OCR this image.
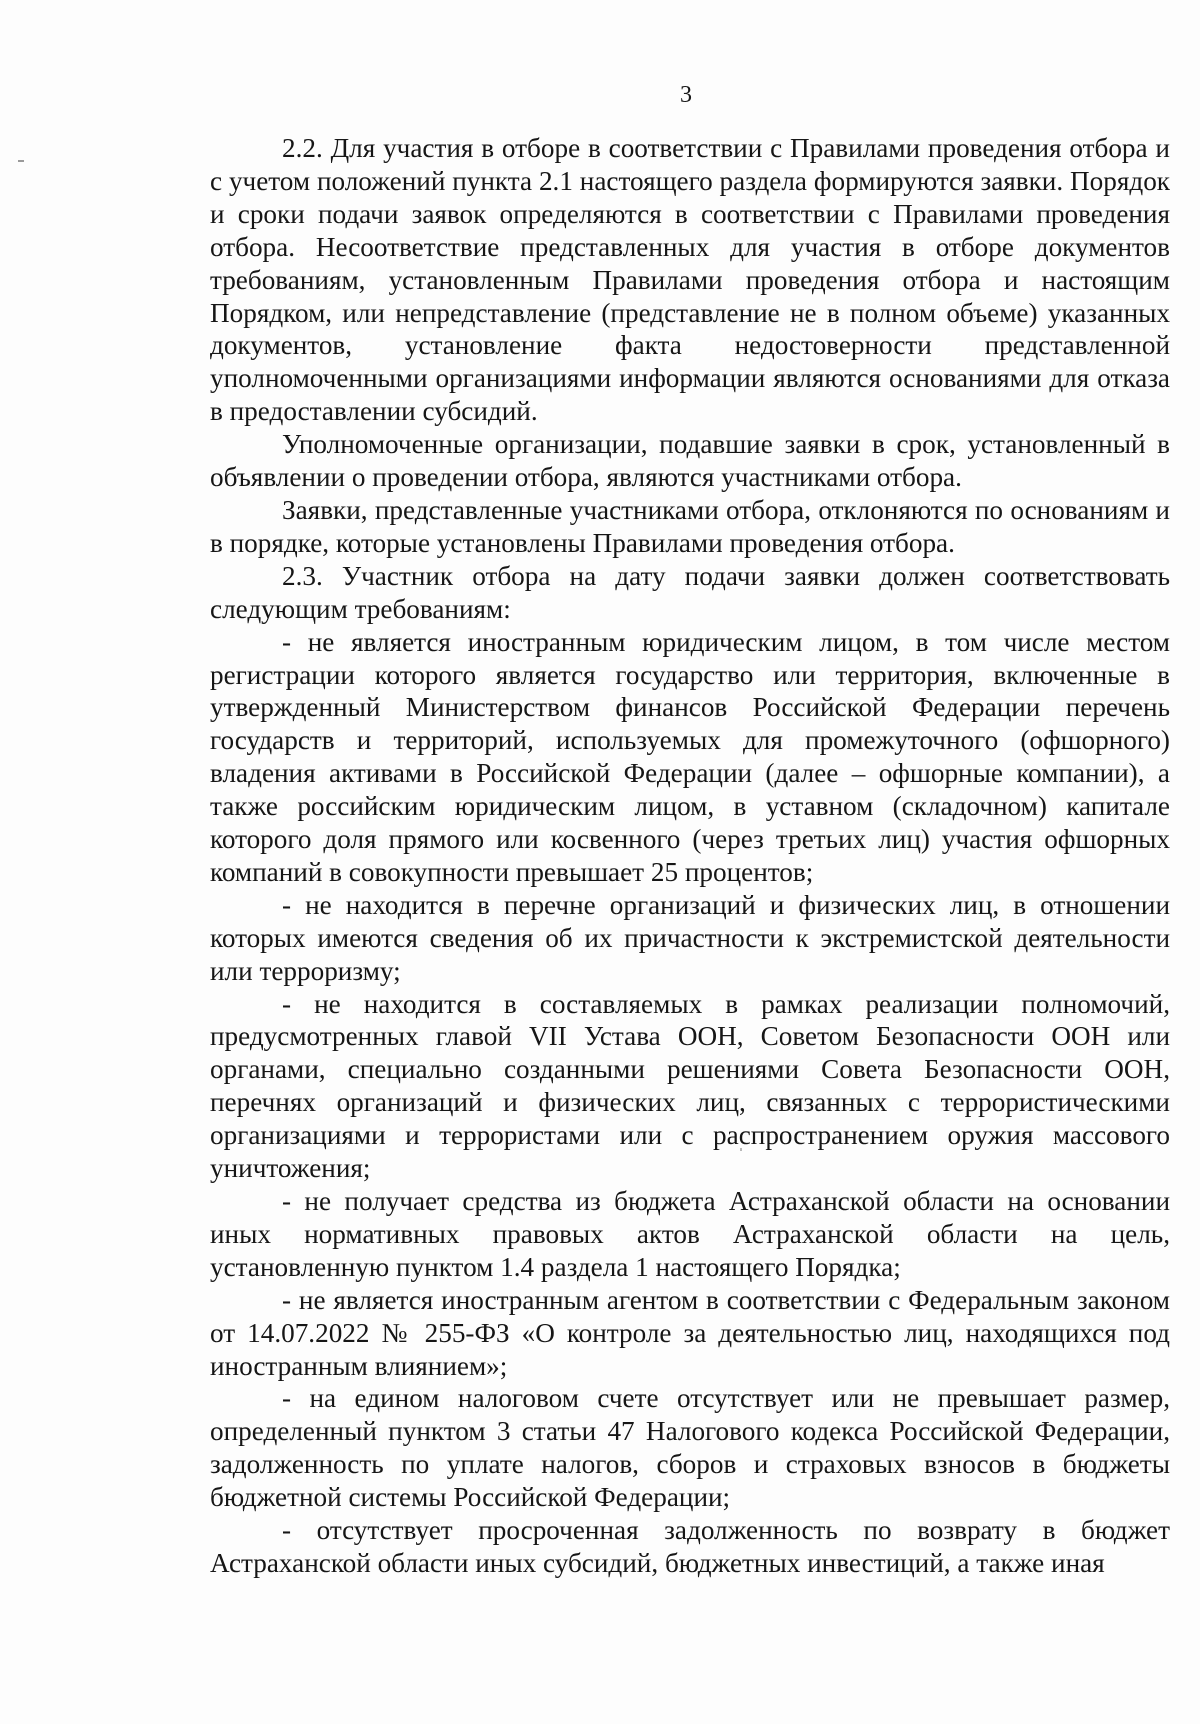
3

2.2. Для участия в отборе в соответствии с Правилами проведения отбора и с учетом положений пункта 2.1 настоящего раздела формируются заявки. Порядок и сроки подачи заявок определяются в соответствии с Правилами проведения отбора. Несоответствие представленных для участия в отборе документов требованиям, установленным Правилами проведения отбора и настоящим Порядком, или непредставление (представление не в полном объеме) указанных документов, установление факта недостоверности представленной уполномоченными организациями информации являются основаниями для отказа в предоставлении субсидий.

Уполномоченные организации, подавшие заявки в срок, установленный в объявлении о проведении отбора, являются участниками отбора.

Заявки, представленные участниками отбора, отклоняются по основаниям и в порядке, которые установлены Правилами проведения отбора.

2.3. Участник отбора на дату подачи заявки должен соответствовать следующим требованиям:

- не является иностранным юридическим лицом, в том числе местом регистрации которого является государство или территория, включенные в утвержденный Министерством финансов Российской Федерации перечень государств и территорий, используемых для промежуточного (офшорного) владения активами в Российской Федерации (далее – офшорные компании), а также российским юридическим лицом, в уставном (складочном) капитале которого доля прямого или косвенного (через третьих лиц) участия офшорных компаний в совокупности превышает 25 процентов;

- не находится в перечне организаций и физических лиц, в отношении которых имеются сведения об их причастности к экстремистской деятельности или терроризму;

- не находится в составляемых в рамках реализации полномочий, предусмотренных главой VII Устава ООН, Советом Безопасности ООН или органами, специально созданными решениями Совета Безопасности ООН, перечнях организаций и физических лиц, связанных с террористическими организациями и террористами или с распространением оружия массового уничтожения;

- не получает средства из бюджета Астраханской области на основании иных нормативных правовых актов Астраханской области на цель, установленную пунктом 1.4 раздела 1 настоящего Порядка;

- не является иностранным агентом в соответствии с Федеральным законом от 14.07.2022 № 255-ФЗ «О контроле за деятельностью лиц, находящихся под иностранным влиянием»;

- на едином налоговом счете отсутствует или не превышает размер, определенный пунктом 3 статьи 47 Налогового кодекса Российской Федерации, задолженность по уплате налогов, сборов и страховых взносов в бюджеты бюджетной системы Российской Федерации;

- отсутствует просроченная задолженность по возврату в бюджет Астраханской области иных субсидий, бюджетных инвестиций, а также иная
